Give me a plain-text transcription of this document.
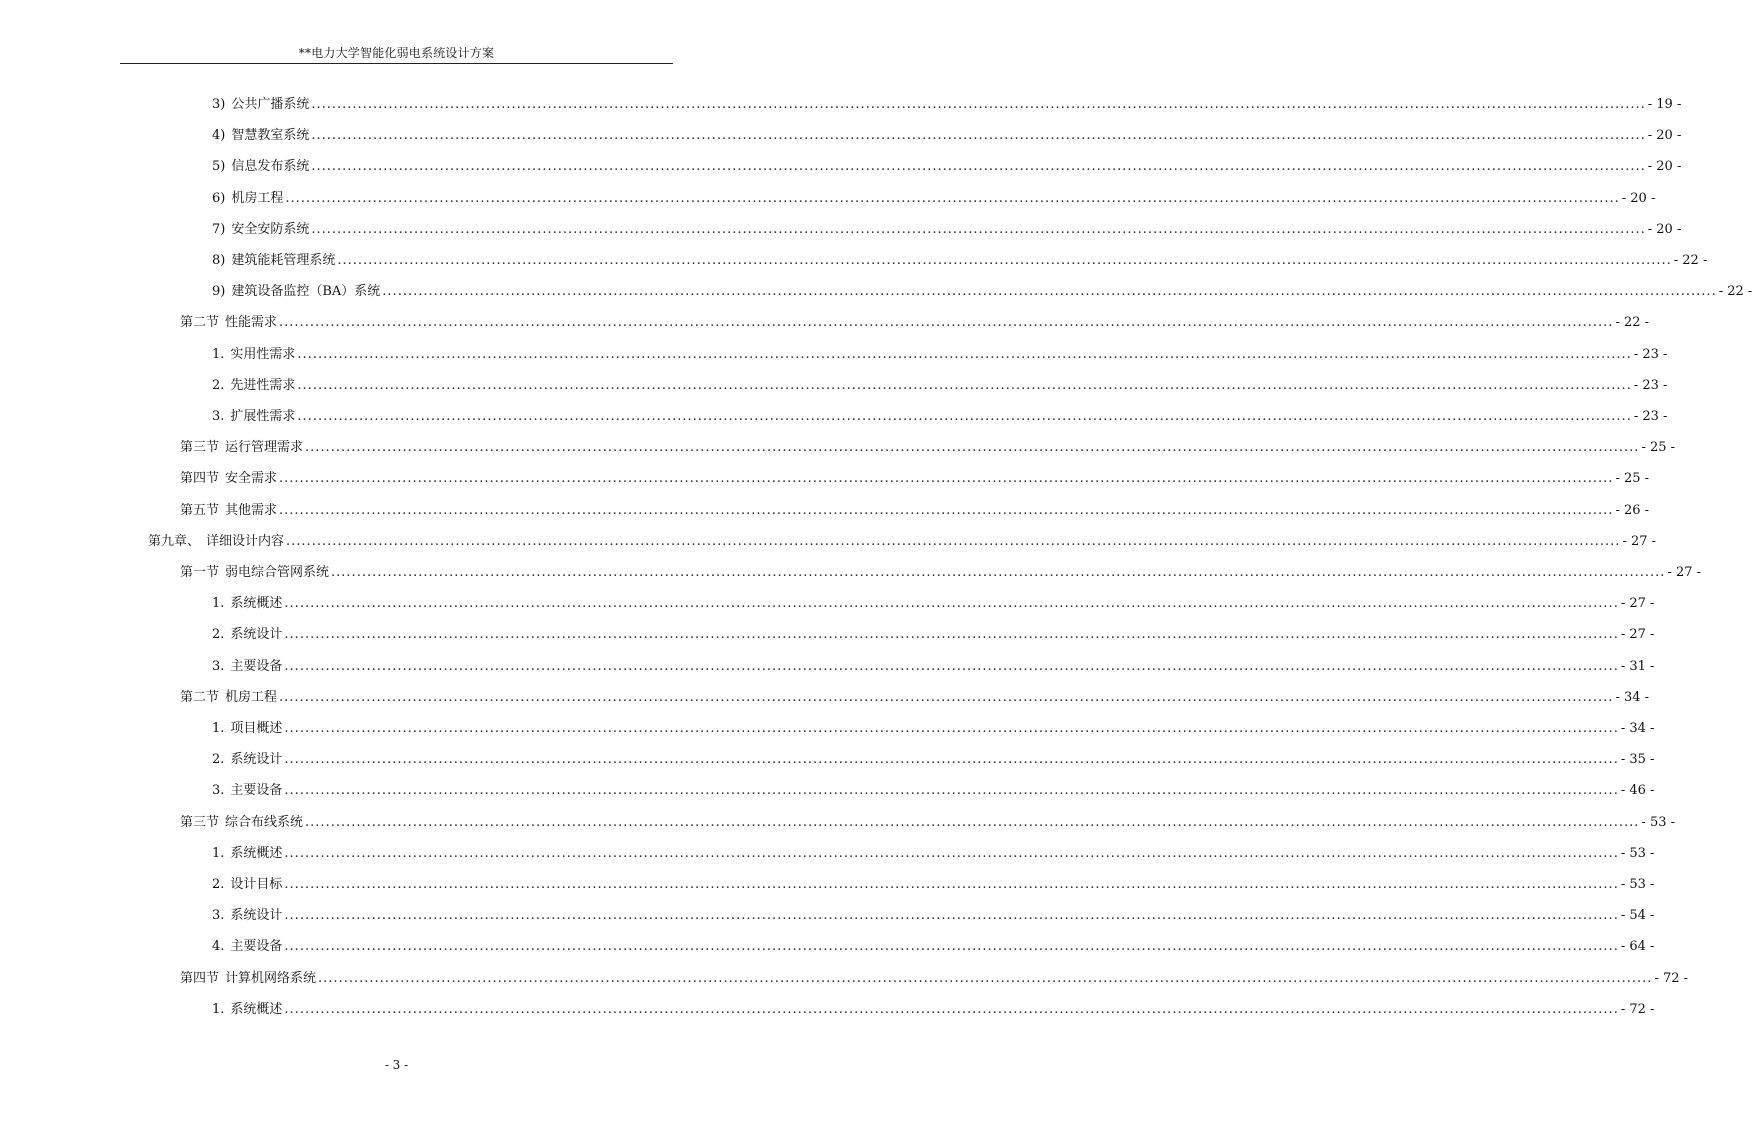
**电力大学智能化弱电系统设计方案
3) 公共广播系统 .................................................................................................................................................................................................................................................................... - 19 -
4) 智慧教室系统 .................................................................................................................................................................................................................................................................... - 20 -
5) 信息发布系统 .................................................................................................................................................................................................................................................................... - 20 -
6) 机房工程 .................................................................................................................................................................................................................................................................... - 20 -
7) 安全安防系统 .................................................................................................................................................................................................................................................................... - 20 -
8) 建筑能耗管理系统 .................................................................................................................................................................................................................................................................... - 22 -
9) 建筑设备监控（BA）系统 .................................................................................................................................................................................................................................................................... - 22 -
第二节 性能需求 .................................................................................................................................................................................................................................................................... - 22 -
1. 实用性需求 .................................................................................................................................................................................................................................................................... - 23 -
2. 先进性需求 .................................................................................................................................................................................................................................................................... - 23 -
3. 扩展性需求 .................................................................................................................................................................................................................................................................... - 23 -
第三节 运行管理需求 .................................................................................................................................................................................................................................................................... - 25 -
第四节 安全需求 .................................................................................................................................................................................................................................................................... - 25 -
第五节 其他需求 .................................................................................................................................................................................................................................................................... - 26 -
第九章、 详细设计内容 .................................................................................................................................................................................................................................................................... - 27 -
第一节 弱电综合管网系统 .................................................................................................................................................................................................................................................................... - 27 -
1. 系统概述 .................................................................................................................................................................................................................................................................... - 27 -
2. 系统设计 .................................................................................................................................................................................................................................................................... - 27 -
3. 主要设备 .................................................................................................................................................................................................................................................................... - 31 -
第二节 机房工程 .................................................................................................................................................................................................................................................................... - 34 -
1. 项目概述 .................................................................................................................................................................................................................................................................... - 34 -
2. 系统设计 .................................................................................................................................................................................................................................................................... - 35 -
3. 主要设备 .................................................................................................................................................................................................................................................................... - 46 -
第三节 综合布线系统 .................................................................................................................................................................................................................................................................... - 53 -
1. 系统概述 .................................................................................................................................................................................................................................................................... - 53 -
2. 设计目标 .................................................................................................................................................................................................................................................................... - 53 -
3. 系统设计 .................................................................................................................................................................................................................................................................... - 54 -
4. 主要设备 .................................................................................................................................................................................................................................................................... - 64 -
第四节 计算机网络系统 .................................................................................................................................................................................................................................................................... - 72 -
1. 系统概述 .................................................................................................................................................................................................................................................................... - 72 -
- 3 -
